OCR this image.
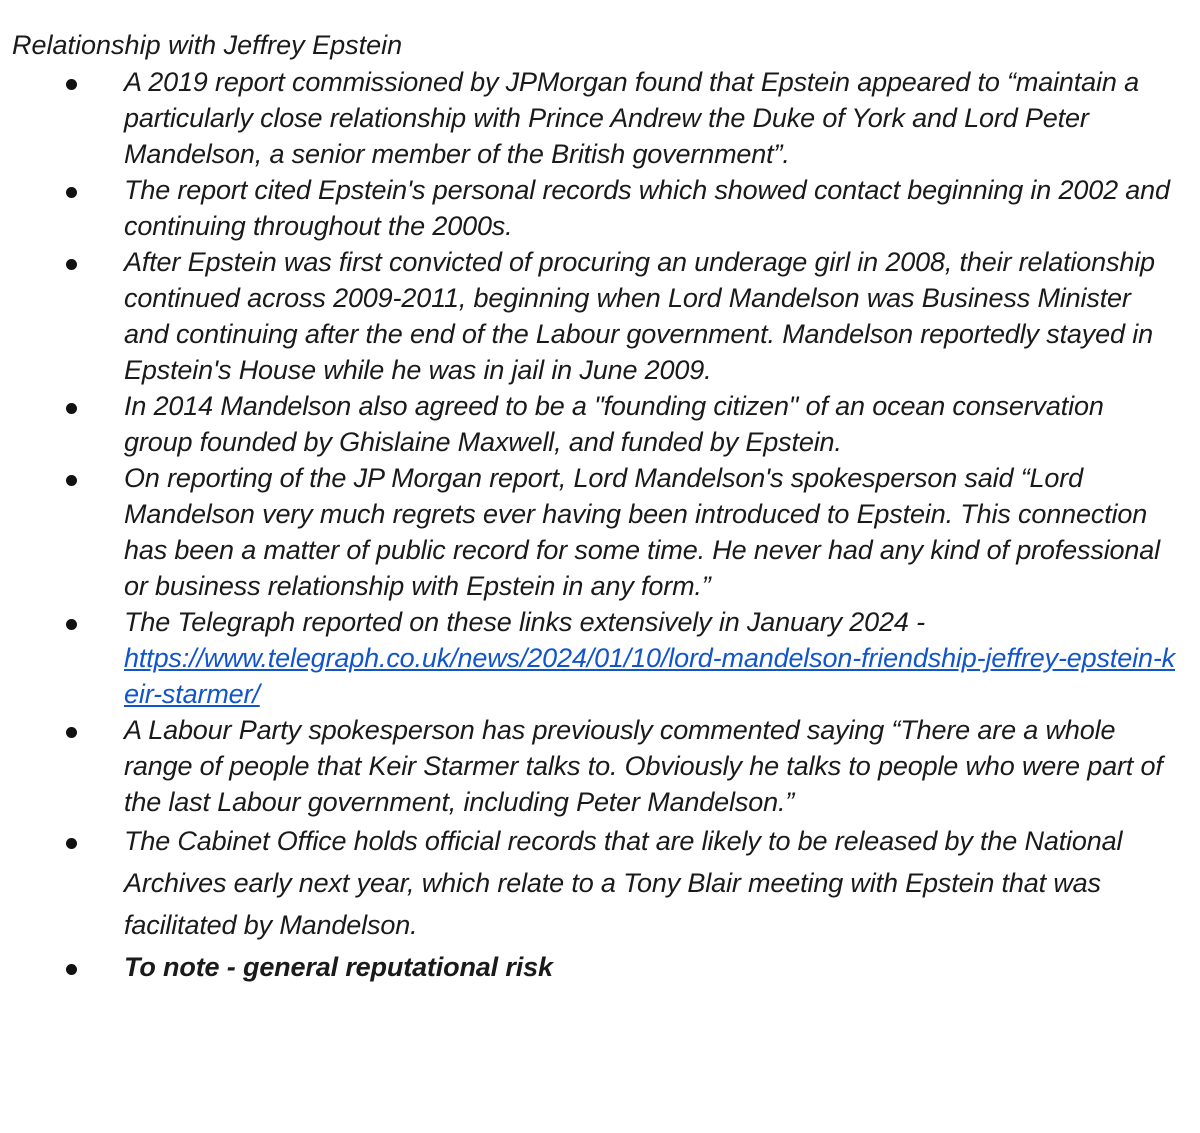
Relationship with Jeffrey Epstein
A 2019 report commissioned by JPMorgan found that Epstein appeared to “maintain a particularly close relationship with Prince Andrew the Duke of York and Lord Peter Mandelson, a senior member of the British government”.
The report cited Epstein's personal records which showed contact beginning in 2002 and continuing throughout the 2000s.
After Epstein was first convicted of procuring an underage girl in 2008, their relationship continued across 2009-2011, beginning when Lord Mandelson was Business Minister and continuing after the end of the Labour government. Mandelson reportedly stayed in Epstein's House while he was in jail in June 2009.
In 2014 Mandelson also agreed to be a "founding citizen" of an ocean conservation group founded by Ghislaine Maxwell, and funded by Epstein.
On reporting of the JP Morgan report, Lord Mandelson's spokesperson said “Lord Mandelson very much regrets ever having been introduced to Epstein. This connection has been a matter of public record for some time. He never had any kind of professional or business relationship with Epstein in any form.”
The Telegraph reported on these links extensively in January 2024 -
https://www.telegraph.co.uk/news/2024/01/10/lord-mandelson-friendship-jeffrey-epstein-keir-starmer/
A Labour Party spokesperson has previously commented saying “There are a whole range of people that Keir Starmer talks to. Obviously he talks to people who were part of the last Labour government, including Peter Mandelson.”
The Cabinet Office holds official records that are likely to be released by the National Archives early next year, which relate to a Tony Blair meeting with Epstein that was facilitated by Mandelson.
To note - general reputational risk
